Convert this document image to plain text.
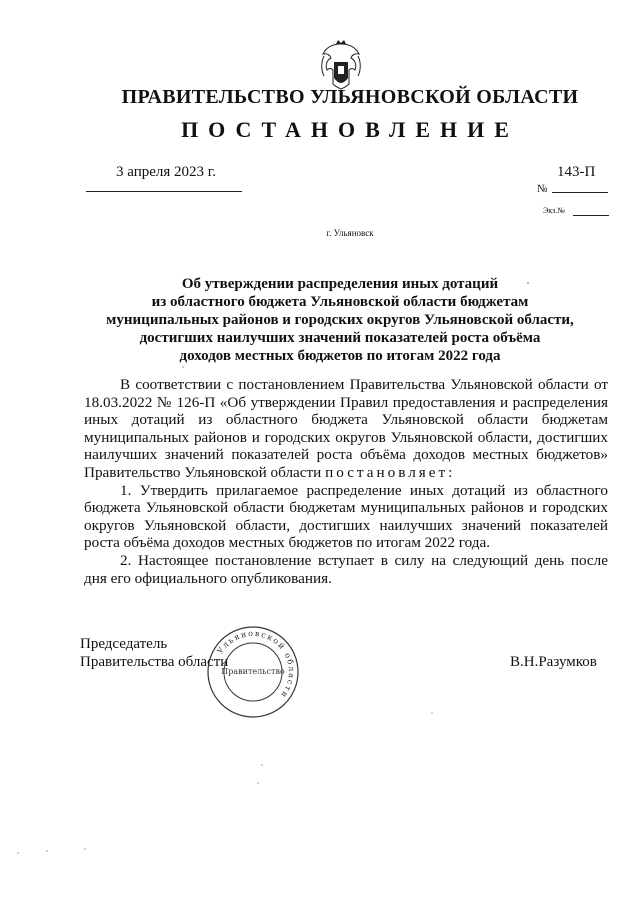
ПРАВИТЕЛЬСТВО УЛЬЯНОВСКОЙ ОБЛАСТИ
ПОСТАНОВЛЕНИЕ
3 апреля 2023 г.	143-П
№
Экз.№
г. Ульяновск
Об утверждении распределения иных дотаций
из областного бюджета Ульяновской области бюджетам
муниципальных районов и городских округов Ульяновской области,
достигших наилучших значений показателей роста объёма
доходов местных бюджетов по итогам 2022 года

В соответствии с постановлением Правительства Ульяновской области от 18.03.2022 № 126-П «Об утверждении Правил предоставления и распределения иных дотаций из областного бюджета Ульяновской области бюджетам муниципальных районов и городских округов Ульяновской области, достигших наилучших значений показателей роста объёма доходов местных бюджетов» Правительство Ульяновской области постановляет:

1. Утвердить прилагаемое распределение иных дотаций из областного бюджета Ульяновской области бюджетам муниципальных районов и городских округов Ульяновской области, достигших наилучших значений показателей роста объёма доходов местных бюджетов по итогам 2022 года.

2. Настоящее постановление вступает в силу на следующий день после дня его официального опубликования.

Председатель
Правительства области	В.Н.Разумков
Ульяновской области
Правительство
